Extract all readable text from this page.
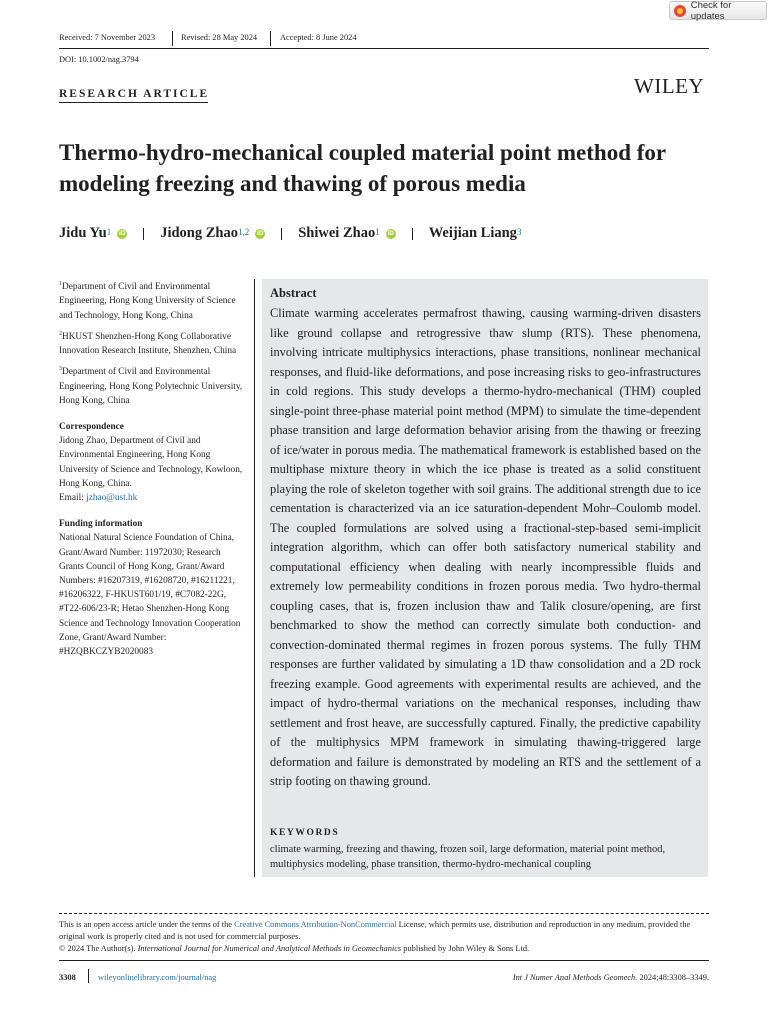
Check for updates
Received: 7 November 2023	Revised: 28 May 2024	Accepted: 8 June 2024
DOI: 10.1002/nag.3794
RESEARCH ARTICLE	WILEY
Thermo-hydro-mechanical coupled material point method for modeling freezing and thawing of porous media
Jidu Yu$^1$ iD Jidong Zhao$^{1,2}$ iD Shiwei Zhao$^1$ iD Weijian Liang$^3$
$^1$Department of Civil and Environmental Engineering, Hong Kong University of Science and Technology, Hong Kong, China
$^2$HKUST Shenzhen-Hong Kong Collaborative Innovation Research Institute, Shenzhen, China
$^3$Department of Civil and Environmental Engineering, Hong Kong Polytechnic University, Hong Kong, China
Correspondence
Jidong Zhao, Department of Civil and Environmental Engineering, Hong Kong University of Science and Technology, Kowloon, Hong Kong, China.
Email: jzhao@ust.hk
Funding information
National Natural Science Foundation of China, Grant/Award Number: 11972030; Research Grants Council of Hong Kong, Grant/Award Numbers: #16207319, #16208720, #16211221, #16206322, F-HKUST601/19, #C7082-22G, #T22-606/23-R; Hetao Shenzhen-Hong Kong Science and Technology Innovation Cooperation Zone, Grant/Award Number: #HZQBKCZYB2020083
Abstract
Climate warming accelerates permafrost thawing, causing warming-driven disasters like ground collapse and retrogressive thaw slump (RTS). These phenomena, involving intricate multiphysics interactions, phase transitions, nonlinear mechanical responses, and fluid-like deformations, and pose increasing risks to geo-infrastructures in cold regions. This study develops a thermo-hydro-mechanical (THM) coupled single-point three-phase material point method (MPM) to simulate the time-dependent phase transition and large deformation behavior arising from the thawing or freezing of ice/water in porous media. The mathematical framework is established based on the multiphase mixture theory in which the ice phase is treated as a solid constituent playing the role of skeleton together with soil grains. The additional strength due to ice cementation is characterized via an ice saturation-dependent Mohr–Coulomb model. The coupled formulations are solved using a fractional-step-based semi-implicit integration algorithm, which can offer both satisfactory numerical stability and computational efficiency when dealing with nearly incompressible fluids and extremely low permeability conditions in frozen porous media. Two hydro-thermal coupling cases, that is, frozen inclusion thaw and Talik closure/opening, are first benchmarked to show the method can correctly simulate both conduction- and convection-dominated thermal regimes in frozen porous systems. The fully THM responses are further validated by simulating a 1D thaw consolidation and a 2D rock freezing example. Good agreements with experimental results are achieved, and the impact of hydro-thermal variations on the mechanical responses, including thaw settlement and frost heave, are successfully captured. Finally, the predictive capability of the multiphysics MPM framework in simulating thawing-triggered large deformation and failure is demonstrated by modeling an RTS and the settlement of a strip footing on thawing ground.
KEYWORDS
climate warming, freezing and thawing, frozen soil, large deformation, material point method, multiphysics modeling, phase transition, thermo-hydro-mechanical coupling
This is an open access article under the terms of the Creative Commons Attribution-NonCommercial License, which permits use, distribution and reproduction in any medium, provided the original work is properly cited and is not used for commercial purposes.
© 2024 The Author(s). International Journal for Numerical and Analytical Methods in Geomechanics published by John Wiley & Sons Ltd.
3308	wileyonlinelibrary.com/journal/nag	Int J Numer Anal Methods Geomech. 2024;48:3308–3349.
